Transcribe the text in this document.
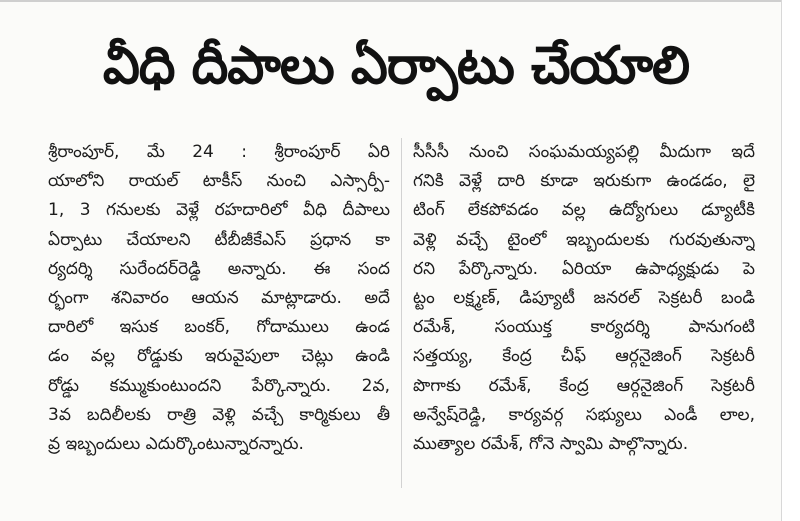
వీధి దీపాలు ఏర్పాటు చేయాలి
శ్రీరాంపూర్, మే 24 : శ్రీరాంపూర్ ఏరి
యాలోని రాయల్ టాకీస్ నుంచి ఎస్సార్పీ-
1, 3 గనులకు వెళ్లే రహదారిలో వీధి దీపాలు
ఏర్పాటు చేయాలని టీబీజీకేఎస్ ప్రధాన కా
ర్యదర్శి సురేందర్‌రెడ్డి అన్నారు. ఈ సంద
ర్భంగా శనివారం ఆయన మాట్లాడారు. అదే
దారిలో ఇసుక బంకర్, గోదాములు ఉండ
డం వల్ల రోడ్డుకు ఇరువైపులా చెట్లు ఉండి
రోడ్డు కమ్ముకుంటుందని పేర్కొన్నారు. 2వ,
3వ బదిలీలకు రాత్రి వెళ్లి వచ్చే కార్మికులు తీ
వ్ర ఇబ్బందులు ఎదుర్కొంటున్నారన్నారు.
సీసీసీ నుంచి సంఘమయ్యపల్లి మీదుగా ఇదే
గనికి వెళ్లే దారి కూడా ఇరుకుగా ఉండడం, లై
టింగ్ లేకపోవడం వల్ల ఉద్యోగులు డ్యూటీకి
వెళ్లి వచ్చే టైంలో ఇబ్బందులకు గురవుతున్నా
రని పేర్కొన్నారు. ఏరియా ఉపాధ్యక్షుడు పె
ట్టం లక్ష్మణ్, డిప్యూటీ జనరల్ సెక్రటరీ బండి
రమేశ్, సంయుక్త కార్యదర్శి పానుగంటి
సత్తయ్య, కేంద్ర చీఫ్ ఆర్గనైజింగ్ సెక్రటరీ
పొగాకు రమేశ్, కేంద్ర ఆర్గనైజింగ్ సెక్రటరీ
అన్వేష్‌రెడ్డి, కార్యవర్గ సభ్యులు ఎండీ లాల,
ముత్యాల రమేశ్, గోనె స్వామి పాల్గొన్నారు.
